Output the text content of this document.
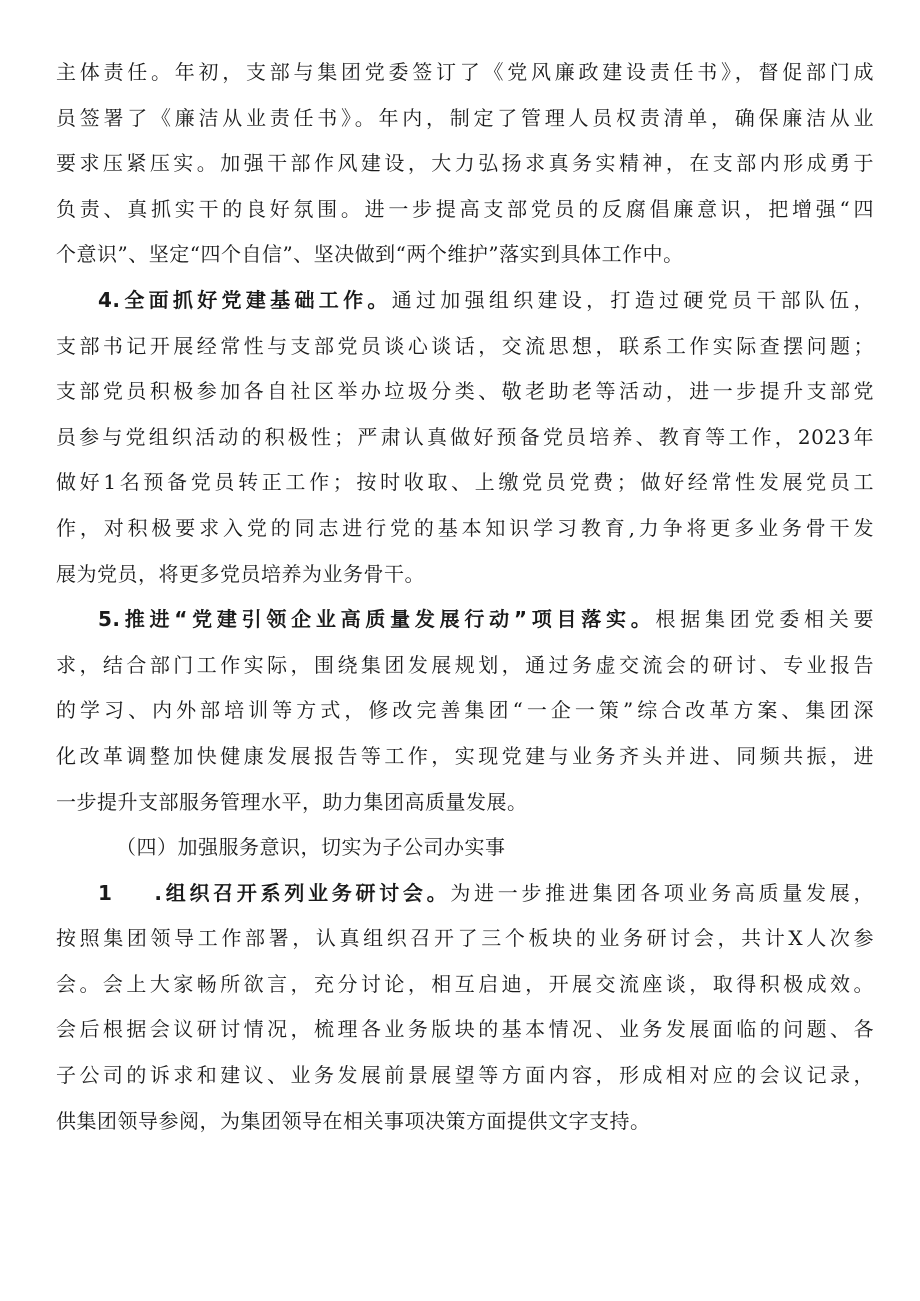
主体责任。年初，支部与集团党委签订了《党风廉政建设责任书》，督促部门成
员签署了《廉洁从业责任书》。年内，制定了管理人员权责清单，确保廉洁从业
要求压紧压实。加强干部作风建设，大力弘扬求真务实精神，在支部内形成勇于
负责、真抓实干的良好氛围。进一步提高支部党员的反腐倡廉意识，把增强“四
个意识”、坚定“四个自信”、坚决做到“两个维护”落实到具体工作中。
4.全面抓好党建基础工作。通过加强组织建设，打造过硬党员干部队伍，
支部书记开展经常性与支部党员谈心谈话，交流思想，联系工作实际查摆问题；
支部党员积极参加各自社区举办垃圾分类、敬老助老等活动，进一步提升支部党
员参与党组织活动的积极性；严肃认真做好预备党员培养、教育等工作，2023年
做好1名预备党员转正工作；按时收取、上缴党员党费；做好经常性发展党员工
作，对积极要求入党的同志进行党的基本知识学习教育,力争将更多业务骨干发
展为党员，将更多党员培养为业务骨干。
5.推进“党建引领企业高质量发展行动”项目落实。根据集团党委相关要
求，结合部门工作实际，围绕集团发展规划，通过务虚交流会的研讨、专业报告
的学习、内外部培训等方式，修改完善集团“一企一策”综合改革方案、集团深
化改革调整加快健康发展报告等工作，实现党建与业务齐头并进、同频共振，进
一步提升支部服务管理水平，助力集团高质量发展。
（四）加强服务意识，切实为子公司办实事
1 .组织召开系列业务研讨会。为进一步推进集团各项业务高质量发展，
按照集团领导工作部署，认真组织召开了三个板块的业务研讨会，共计X人次参
会。会上大家畅所欲言，充分讨论，相互启迪，开展交流座谈，取得积极成效。
会后根据会议研讨情况，梳理各业务版块的基本情况、业务发展面临的问题、各
子公司的诉求和建议、业务发展前景展望等方面内容，形成相对应的会议记录，
供集团领导参阅，为集团领导在相关事项决策方面提供文字支持。
